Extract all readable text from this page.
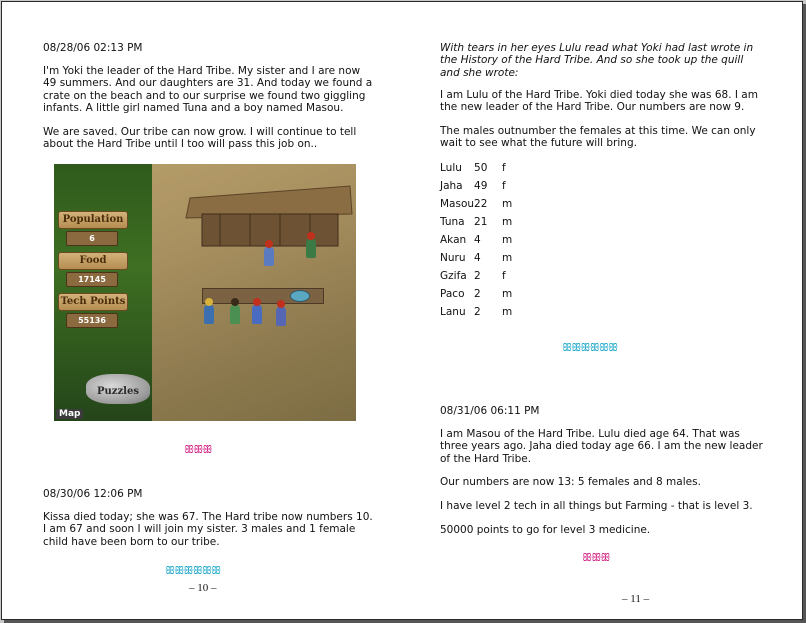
08/28/06 02:13 PM

I'm Yoki the leader of the Hard Tribe. My sister and I are now 49 summers. And our daughters are 31. And today we found a crate on the beach and to our surprise we found two giggling infants. A little girl named Tuna and a boy named Masou.

We are saved. Our tribe can now grow. I will continue to tell about the Hard Tribe until I too will pass this job on..

Population
6
Food
17145
Tech Points
55136
Puzzles
Map
ꕥꕥꕥ

08/30/06 12:06 PM

Kissa died today; she was 67. The Hard tribe now numbers 10. I am 67 and soon I will join my sister. 3 males and 1 female child have been born to our tribe.

ꕥꕥꕥꕥꕥꕥ
– 10 –

With tears in her eyes Lulu read what Yoki had last wrote in the History of the Hard Tribe. And so she took up the quill and she wrote:

I am Lulu of the Hard Tribe. Yoki died today she was 68. I am the new leader of the Hard Tribe. Our numbers are now 9.

The males outnumber the females at this time. We can only wait to see what the future will bring.

Lulu	50	f
Jaha	49	f
Masou	22	m
Tuna	21	m
Akan	4	m
Nuru	4	m
Gzifa	2	f
Paco	2	m
Lanu	2	m
ꕥꕥꕥꕥꕥꕥ

08/31/06 06:11 PM

I am Masou of the Hard Tribe. Lulu died age 64. That was three years ago. Jaha died today age 66. I am the new leader of the Hard Tribe.

Our numbers are now 13: 5 females and 8 males.

I have level 2 tech in all things but Farming - that is level 3.

50000 points to go for level 3 medicine.

ꕥꕥꕥ
– 11 –
